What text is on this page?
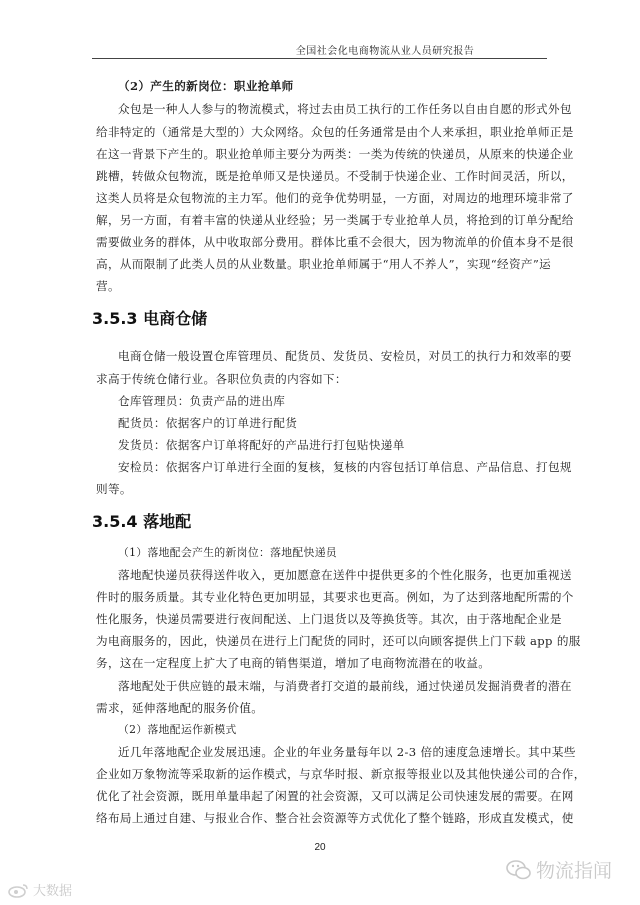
全国社会化电商物流从业人员研究报告
（2）产生的新岗位：职业抢单师
众包是一种人人参与的物流模式，将过去由员工执行的工作任务以自由自愿的形式外包
给非特定的（通常是大型的）大众网络。众包的任务通常是由个人来承担，职业抢单师正是
在这一背景下产生的。职业抢单师主要分为两类：一类为传统的快递员，从原来的快递企业
跳槽，转做众包物流，既是抢单师又是快递员。不受制于快递企业、工作时间灵活，所以，
这类人员将是众包物流的主力军。他们的竞争优势明显，一方面，对周边的地理环境非常了
解，另一方面，有着丰富的快递从业经验；另一类属于专业抢单人员，将抢到的订单分配给
需要做业务的群体，从中收取部分费用。群体比重不会很大，因为物流单的价值本身不是很
高，从而限制了此类人员的从业数量。职业抢单师属于“用人不养人”，实现“经资产”运
营。
3.5.3 电商仓储
电商仓储一般设置仓库管理员、配货员、发货员、安检员，对员工的执行力和效率的要
求高于传统仓储行业。各职位负责的内容如下：
仓库管理员：负责产品的进出库
配货员：依据客户的订单进行配货
发货员：依据客户订单将配好的产品进行打包贴快递单
安检员：依据客户订单进行全面的复核，复核的内容包括订单信息、产品信息、打包规
则等。
3.5.4 落地配
（1）落地配会产生的新岗位：落地配快递员
落地配快递员获得送件收入，更加愿意在送件中提供更多的个性化服务，也更加重视送
件时的服务质量。其专业化特色更加明显，其要求也更高。例如，为了达到落地配所需的个
性化服务，快递员需要进行夜间配送、上门退货以及等换货等。其次，由于落地配企业是
为电商服务的，因此，快递员在进行上门配货的同时，还可以向顾客提供上门下载 app 的服
务，这在一定程度上扩大了电商的销售渠道，增加了电商物流潜在的收益。
落地配处于供应链的最末端，与消费者打交道的最前线，通过快递员发掘消费者的潜在
需求，延伸落地配的服务价值。
（2）落地配运作新模式
近几年落地配企业发展迅速。企业的年业务量每年以 2-3 倍的速度急速增长。其中某些
企业如万象物流等采取新的运作模式，与京华时报、新京报等报业以及其他快递公司的合作，
优化了社会资源，既用单量串起了闲置的社会资源，又可以满足公司快速发展的需要。在网
络布局上通过自建、与报业合作、整合社会资源等方式优化了整个链路，形成直发模式，使
20
大数据
物流指闻
